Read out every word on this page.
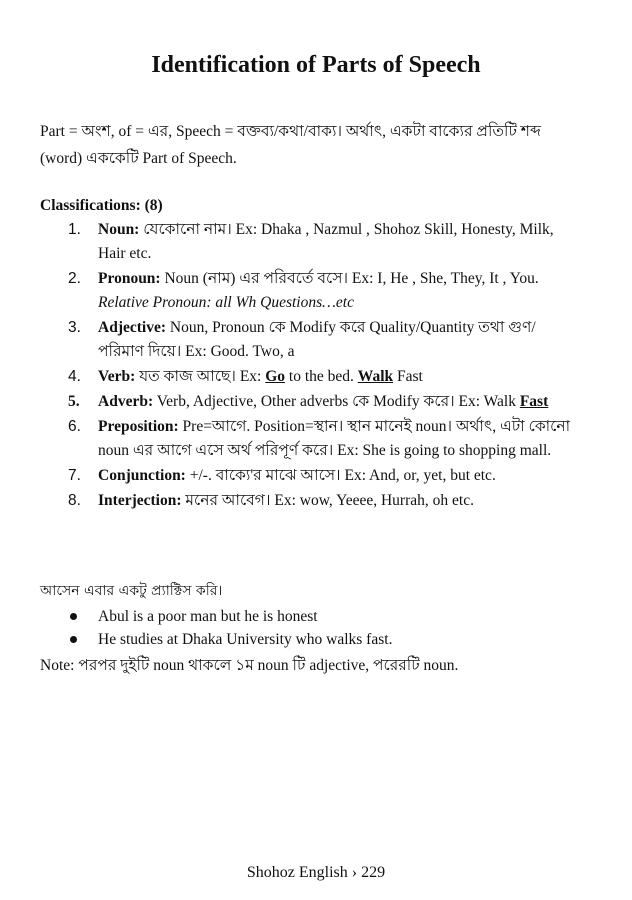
Identification of Parts of Speech
Part = অংশ, of = এর, Speech = বক্তব্য/কথা/বাক্য। অর্থাৎ, একটা বাক্যের প্রতিটি শব্দ
(word) এককেটি Part of Speech.
Classifications: (8)
1. Noun: যেকোনো নাম। Ex: Dhaka , Nazmul , Shohoz Skill, Honesty, Milk, Hair etc.
2. Pronoun: Noun (নাম) এর পরিবর্তে বসে। Ex: I, He , She, They, It , You.
Relative Pronoun: all Wh Questions…etc
3. Adjective: Noun, Pronoun কে Modify করে Quality/Quantity তথা গুণ/পরিমাণ দিয়ে। Ex: Good. Two, a
4. Verb: যত কাজ আছে। Ex: Go to the bed. Walk Fast
5. Adverb: Verb, Adjective, Other adverbs কে Modify করে। Ex: Walk Fast
6. Preposition: Pre=আগে. Position=স্থান। স্থান মানেই noun। অর্থাৎ, এটা কোনো noun এর আগে এসে অর্থ পরিপূর্ণ করে। Ex: She is going to shopping mall.
7. Conjunction: +/-. বাক্যে'র মাঝে আসে। Ex: And, or, yet, but etc.
8. Interjection: মনের আবেগ। Ex: wow, Yeeee, Hurrah, oh etc.
আসেন এবার একটু প্র্যাক্টিস করি।
Abul is a poor man but he is honest
He studies at Dhaka University who walks fast.
Note: পরপর দুইটি noun থাকলে ১ম noun টি adjective, পরেরটি noun.
Shohoz English › 229
